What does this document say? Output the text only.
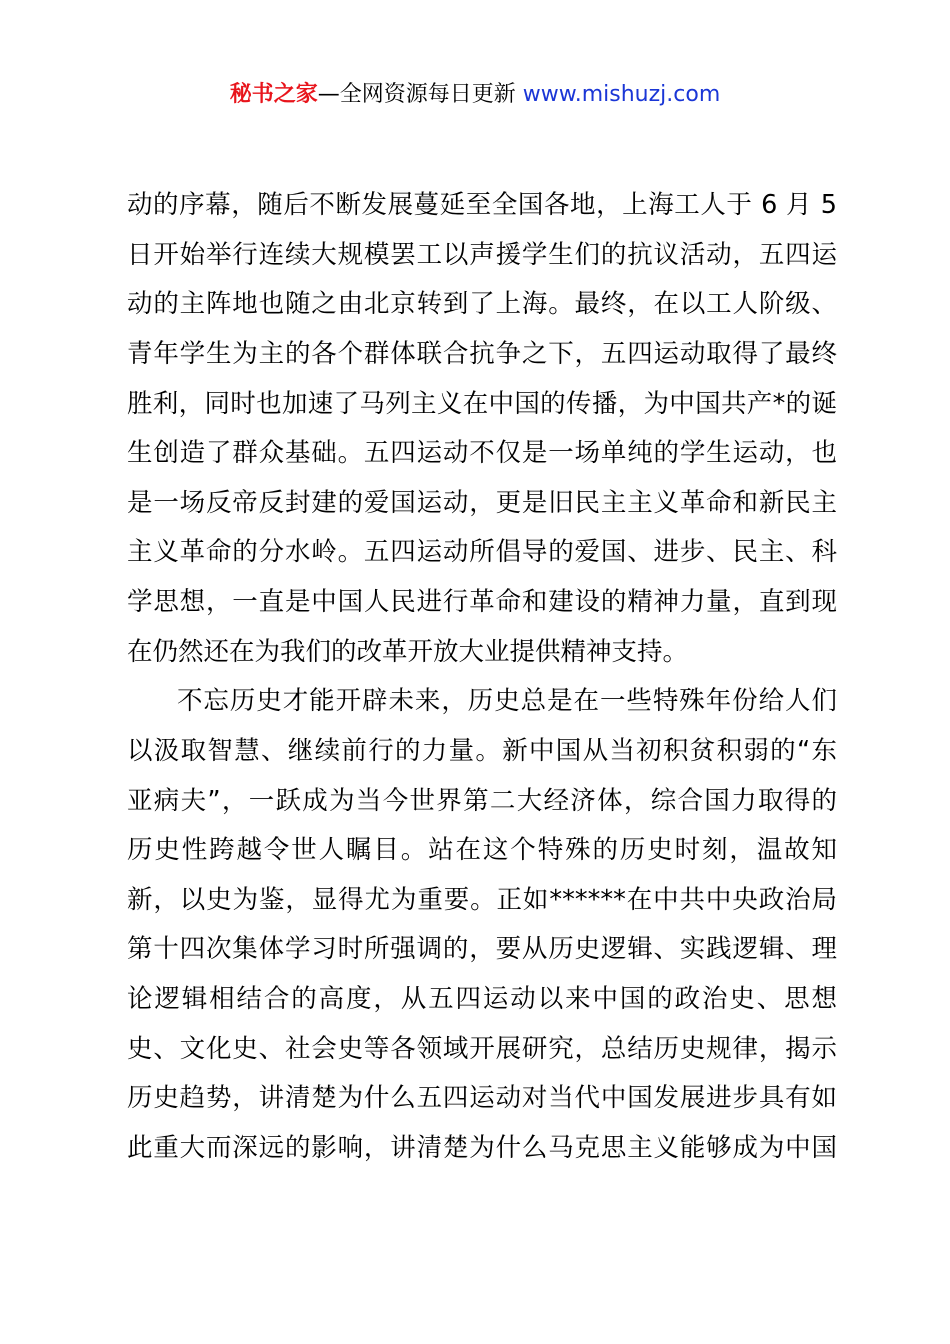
秘书之家—全网资源每日更新 www.mishuzj.com
动的序幕，随后不断发展蔓延至全国各地，上海工人于 6 月 5
日开始举行连续大规模罢工以声援学生们的抗议活动，五四运
动的主阵地也随之由北京转到了上海。最终，在以工人阶级、
青年学生为主的各个群体联合抗争之下，五四运动取得了最终
胜利，同时也加速了马列主义在中国的传播，为中国共产*的诞
生创造了群众基础。五四运动不仅是一场单纯的学生运动，也
是一场反帝反封建的爱国运动，更是旧民主主义革命和新民主
主义革命的分水岭。五四运动所倡导的爱国、进步、民主、科
学思想，一直是中国人民进行革命和建设的精神力量，直到现
在仍然还在为我们的改革开放大业提供精神支持。
不忘历史才能开辟未来，历史总是在一些特殊年份给人们
以汲取智慧、继续前行的力量。新中国从当初积贫积弱的“东
亚病夫”，一跃成为当今世界第二大经济体，综合国力取得的
历史性跨越令世人瞩目。站在这个特殊的历史时刻，温故知
新，以史为鉴，显得尤为重要。正如******在中共中央政治局
第十四次集体学习时所强调的，要从历史逻辑、实践逻辑、理
论逻辑相结合的高度，从五四运动以来中国的政治史、思想
史、文化史、社会史等各领域开展研究，总结历史规律，揭示
历史趋势，讲清楚为什么五四运动对当代中国发展进步具有如
此重大而深远的影响，讲清楚为什么马克思主义能够成为中国
